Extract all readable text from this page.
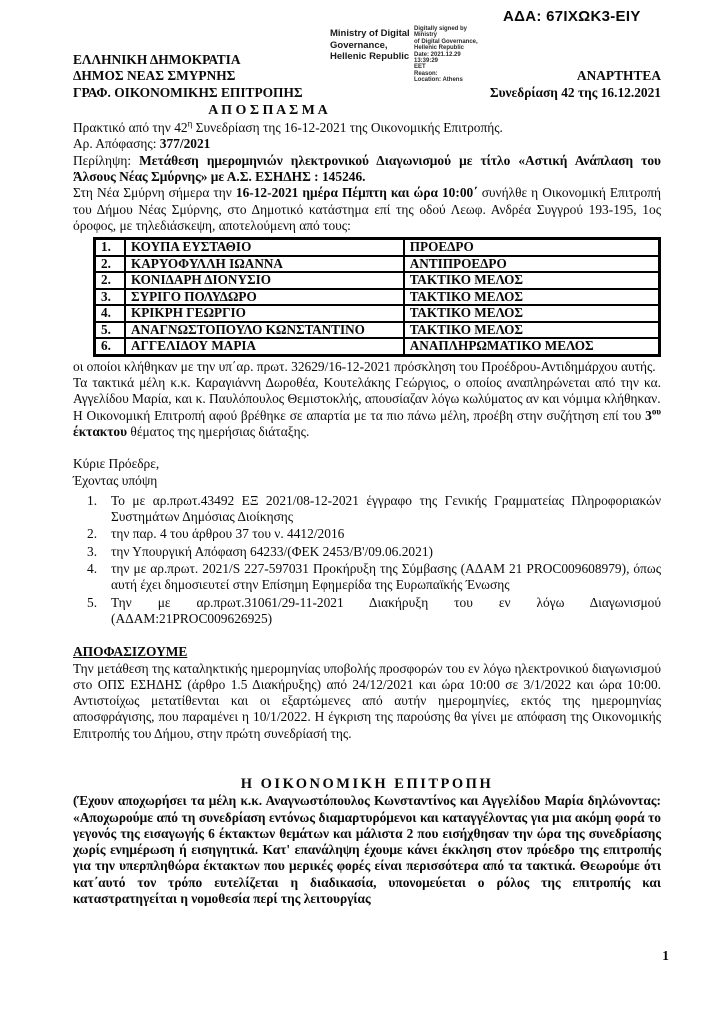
ΑΔΑ: 67ΙΧΩΚ3-ΕΙΥ
Ministry of Digital
Governance,
Hellenic Republic
Digitally signed by Ministry
of Digital Governance,
Hellenic Republic
Date: 2021.12.29 13:39:29
EET
Reason:
Location: Athens
ΕΛΛΗΝΙΚΗ ΔΗΜΟΚΡΑΤΙΑ
ΔΗΜΟΣ ΝΕΑΣ ΣΜΥΡΝΗΣ	ΑΝΑΡΤΗΤΕΑ
ΓΡΑΦ. ΟΙΚΟΝΟΜΙΚΗΣ ΕΠΙΤΡΟΠΗΣ	Συνεδρίαση 42 της 16.12.2021
Α Π Ο Σ Π Α Σ Μ Α

Πρακτικό από την $42^\eta$ Συνεδρίαση της 16-12-2021 της Οικονομικής Επιτροπής.

Αρ. Απόφασης: 377/2021

Περίληψη: Μετάθεση ημερομηνιών ηλεκτρονικού Διαγωνισμού με τίτλο «Αστική Ανάπλαση του Άλσους Νέας Σμύρνης» με Α.Σ. ΕΣΗΔΗΣ : 145246.

Στη Νέα Σμύρνη σήμερα την 16-12-2021 ημέρα Πέμπτη και ώρα 10:00΄ συνήλθε η Οικονομική Επιτροπή του Δήμου Νέας Σμύρνης, στο Δημοτικό κατάστημα επί της οδού Λεωφ. Ανδρέα Συγγρού 193-195, 1ος όροφος, με τηλεδιάσκεψη, αποτελούμενη από τους:

1.	ΚΟΥΠΑ ΕΥΣΤΑΘΙΟ	ΠΡΟΕΔΡΟ
2.	ΚΑΡΥΟΦΥΛΛΗ ΙΩΑΝΝΑ	ΑΝΤΙΠΡΟΕΔΡΟ
2.	ΚΟΝΙΔΑΡΗ ΔΙΟΝΥΣΙΟ	ΤΑΚΤΙΚΟ ΜΕΛΟΣ
3.	ΣΥΡΙΓΟ ΠΟΛΥΔΩΡΟ	ΤΑΚΤΙΚΟ ΜΕΛΟΣ
4.	ΚΡΙΚΡΗ ΓΕΩΡΓΙΟ	ΤΑΚΤΙΚΟ ΜΕΛΟΣ
5.	ΑΝΑΓΝΩΣΤΟΠΟΥΛΟ ΚΩΝΣΤΑΝΤΙΝΟ	ΤΑΚΤΙΚΟ ΜΕΛΟΣ
6.	ΑΓΓΕΛΙΔΟΥ ΜΑΡΙΑ	ΑΝΑΠΛΗΡΩΜΑΤΙΚΟ ΜΕΛΟΣ

οι οποίοι κλήθηκαν με την υπ΄αρ. πρωτ. 32629/16-12-2021 πρόσκληση του Προέδρου-Αντιδημάρχου αυτής.

Τα τακτικά μέλη κ.κ. Καραγιάννη Δωροθέα, Κουτελάκης Γεώργιος, ο οποίος αναπληρώνεται από την κα. Αγγελίδου Μαρία, και κ. Παυλόπουλος Θεμιστοκλής, απουσίαζαν λόγω κωλύματος αν και νόμιμα κλήθηκαν.

Η Οικονομική Επιτροπή αφού βρέθηκε σε απαρτία με τα πιο πάνω μέλη, προέβη στην συζήτηση επί του $3^{o\upsilon}$ έκτακτου θέματος της ημερήσιας διάταξης.

Κύριε Πρόεδρε,

Έχοντας υπόψη

1.	Το με αρ.πρωτ.43492 ΕΞ 2021/08-12-2021 έγγραφο της Γενικής Γραμματείας Πληροφοριακών Συστημάτων Δημόσιας Διοίκησης
2.	την παρ. 4 του άρθρου 37 του ν. 4412/2016
3.	την Υπουργική Απόφαση 64233/(ΦΕΚ 2453/Β'/09.06.2021)
4.	την με αρ.πρωτ. 2021/S 227-597031 Προκήρυξη της Σύμβασης (ΑΔΑΜ 21 PROC009608979), όπως αυτή έχει δημοσιευτεί στην Επίσημη Εφημερίδα της Ευρωπαϊκής Ένωσης
5.	Την με αρ.πρωτ.31061/29-11-2021 Διακήρυξη του εν λόγω Διαγωνισμού (ΑΔΑΜ:21PROC009626925)

ΑΠΟΦΑΣΙΖΟΥΜΕ

Την μετάθεση της καταληκτικής ημερομηνίας υποβολής προσφορών του εν λόγω ηλεκτρονικού διαγωνισμού στο ΟΠΣ ΕΣΗΔΗΣ (άρθρο 1.5 Διακήρυξης) από 24/12/2021 και ώρα 10:00 σε 3/1/2022 και ώρα 10:00. Αντιστοίχως μετατίθενται και οι εξαρτώμενες από αυτήν ημερομηνίες, εκτός της ημερομηνίας αποσφράγισης, που παραμένει η 10/1/2022. Η έγκριση της παρούσης θα γίνει με απόφαση της Οικονομικής Επιτροπής του Δήμου, στην πρώτη συνεδρίασή της.

Η ΟΙΚΟΝΟΜΙΚΗ ΕΠΙΤΡΟΠΗ

(Έχουν αποχωρήσει τα μέλη κ.κ. Αναγνωστόπουλος Κωνσταντίνος και Αγγελίδου Μαρία δηλώνοντας: «Αποχωρούμε από τη συνεδρίαση εντόνως διαμαρτυρόμενοι και καταγγέλοντας για μια ακόμη φορά το γεγονός της εισαγωγής 6 έκτακτων θεμάτων και μάλιστα 2 που εισήχθησαν την ώρα της συνεδρίασης χωρίς ενημέρωση ή εισηγητικά. Κατ' επανάληψη έχουμε κάνει έκκληση στον πρόεδρο της επιτροπής για την υπερπληθώρα έκτακτων που μερικές φορές είναι περισσότερα από τα τακτικά. Θεωρούμε ότι κατ΄αυτό τον τρόπο ευτελίζεται η διαδικασία, υπονομεύεται ο ρόλος της επιτροπής και καταστρατηγείται η νομοθεσία περί της λειτουργίας

1
